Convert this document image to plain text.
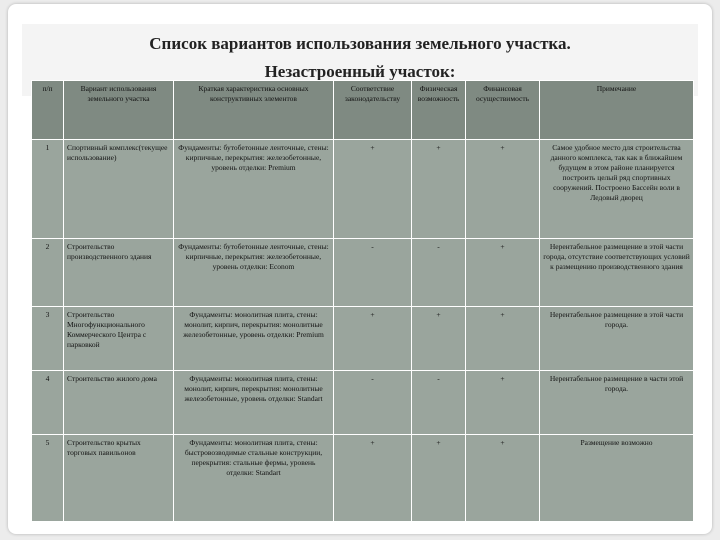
Список вариантов использования земельного участка.
Незастроенный участок:
п/п	Вариант использования земельного участка	Краткая характеристика основных конструктивных элементов	Соответствие законодательству	Физическая возможность	Финансовая осуществимость	Примечание
1	Спортивный комплекс(текущее использование)	Фундаменты: бутобетонные ленточные, стены: кирпичные, перекрытия: железобетонные, уровень отделки: Premium	+	+	+	Самое удобное место для строительства данного комплекса, так как в ближайшем будущем в этом районе планируется построить целый ряд спортивных сооружений. Построено Бассейн воли в Ледовый дворец
2	Строительство производственного здания	Фундаменты: бутобетонные ленточные, стены: кирпичные, перекрытия: железобетонные, уровень отделки: Econom	-	-	+	Нерентабельное размещение в этой части города, отсутствие соответствующих условий к размещению производственного здания
3	Строительство Многофункционального Коммерческого Центра с парковкой	Фундаменты: монолитная плита, стены: монолит, кирпич, перекрытия: монолитные железобетонные, уровень отделки: Premium	+	+	+	Нерентабельное размещение в этой части города.
4	Строительство жилого дома	Фундаменты: монолитная плита, стены: монолит, кирпич, перекрытия: монолитные железобетонные, уровень отделки: Standart	-	-	+	Нерентабельное размещение в части этой города.
5	Строительство крытых торговых павильонов	Фундаменты: монолитная плита, стены: быстровозводимые стальные конструкции, перекрытия: стальные фермы, уровень отделки: Standart	+	+	+	Размещение возможно
